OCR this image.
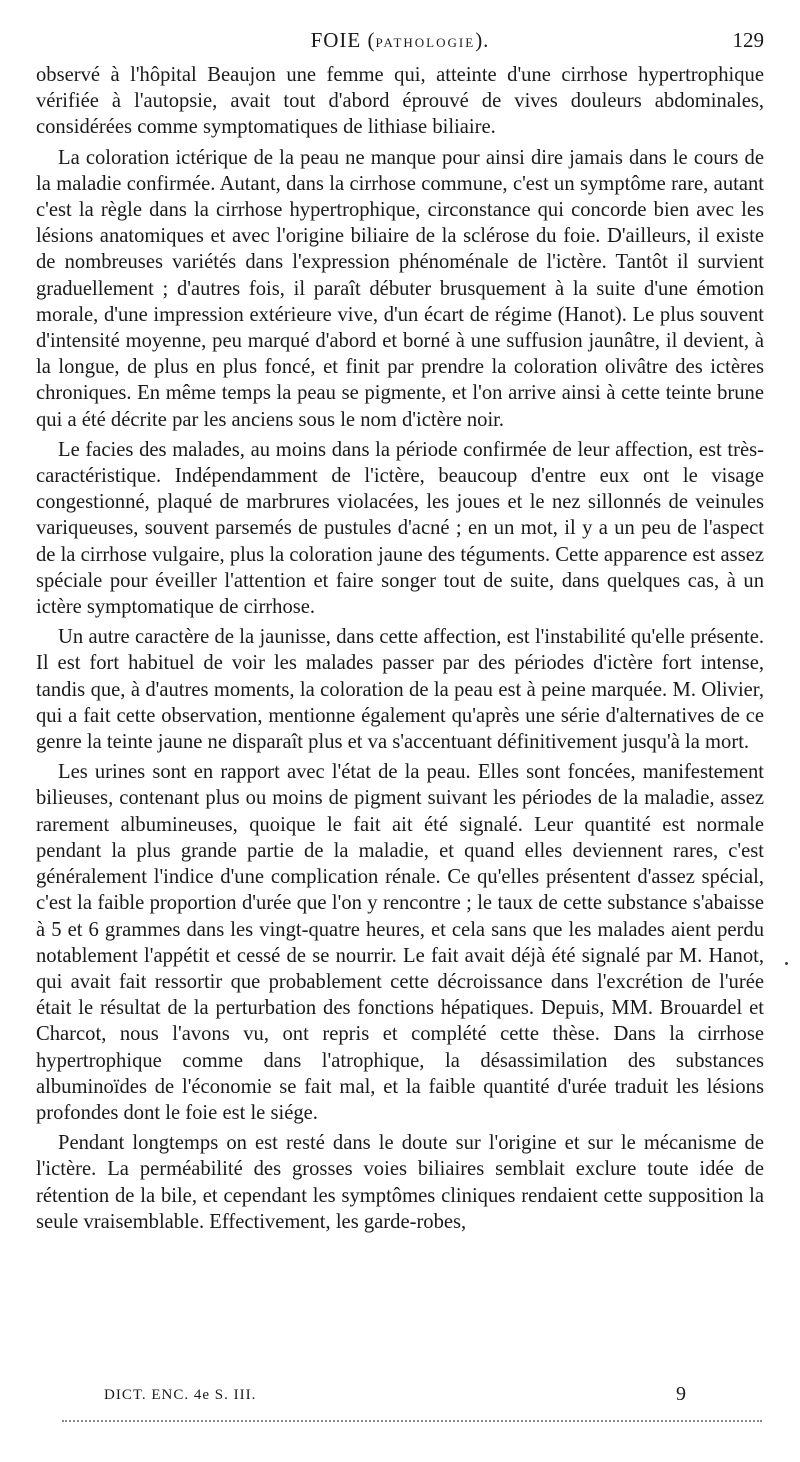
FOIE (PATHOLOGIE).	129

observé à l'hôpital Beaujon une femme qui, atteinte d'une cirrhose hypertrophique vérifiée à l'autopsie, avait tout d'abord éprouvé de vives douleurs abdominales, considérées comme symptomatiques de lithiase biliaire.

La coloration ictérique de la peau ne manque pour ainsi dire jamais dans le cours de la maladie confirmée. Autant, dans la cirrhose commune, c'est un symptôme rare, autant c'est la règle dans la cirrhose hypertrophique, circonstance qui concorde bien avec les lésions anatomiques et avec l'origine biliaire de la sclérose du foie. D'ailleurs, il existe de nombreuses variétés dans l'expression phénoménale de l'ictère. Tantôt il survient graduellement ; d'autres fois, il paraît débuter brusquement à la suite d'une émotion morale, d'une impression extérieure vive, d'un écart de régime (Hanot). Le plus souvent d'intensité moyenne, peu marqué d'abord et borné à une suffusion jaunâtre, il devient, à la longue, de plus en plus foncé, et finit par prendre la coloration olivâtre des ictères chroniques. En même temps la peau se pigmente, et l'on arrive ainsi à cette teinte brune qui a été décrite par les anciens sous le nom d'ictère noir.

Le facies des malades, au moins dans la période confirmée de leur affection, est très-caractéristique. Indépendamment de l'ictère, beaucoup d'entre eux ont le visage congestionné, plaqué de marbrures violacées, les joues et le nez sillonnés de veinules variqueuses, souvent parsemés de pustules d'acné ; en un mot, il y a un peu de l'aspect de la cirrhose vulgaire, plus la coloration jaune des téguments. Cette apparence est assez spéciale pour éveiller l'attention et faire songer tout de suite, dans quelques cas, à un ictère symptomatique de cirrhose.

Un autre caractère de la jaunisse, dans cette affection, est l'instabilité qu'elle présente. Il est fort habituel de voir les malades passer par des périodes d'ictère fort intense, tandis que, à d'autres moments, la coloration de la peau est à peine marquée. M. Olivier, qui a fait cette observation, mentionne également qu'après une série d'alternatives de ce genre la teinte jaune ne disparaît plus et va s'accentuant définitivement jusqu'à la mort.

Les urines sont en rapport avec l'état de la peau. Elles sont foncées, manifestement bilieuses, contenant plus ou moins de pigment suivant les périodes de la maladie, assez rarement albumineuses, quoique le fait ait été signalé. Leur quantité est normale pendant la plus grande partie de la maladie, et quand elles deviennent rares, c'est généralement l'indice d'une complication rénale. Ce qu'elles présentent d'assez spécial, c'est la faible proportion d'urée que l'on y rencontre ; le taux de cette substance s'abaisse à 5 et 6 grammes dans les vingt-quatre heures, et cela sans que les malades aient perdu notablement l'appétit et cessé de se nourrir. Le fait avait déjà été signalé par M. Hanot, qui avait fait ressortir que probablement cette décroissance dans l'excrétion de l'urée était le résultat de la perturbation des fonctions hépatiques. Depuis, MM. Brouardel et Charcot, nous l'avons vu, ont repris et complété cette thèse. Dans la cirrhose hypertrophique comme dans l'atrophique, la désassimilation des substances albuminoïdes de l'économie se fait mal, et la faible quantité d'urée traduit les lésions profondes dont le foie est le siége.

Pendant longtemps on est resté dans le doute sur l'origine et sur le mécanisme de l'ictère. La perméabilité des grosses voies biliaires semblait exclure toute idée de rétention de la bile, et cependant les symptômes cliniques rendaient cette supposition la seule vraisemblable. Effectivement, les garde-robes,

DICT. ENC. 4e S. III.	9
